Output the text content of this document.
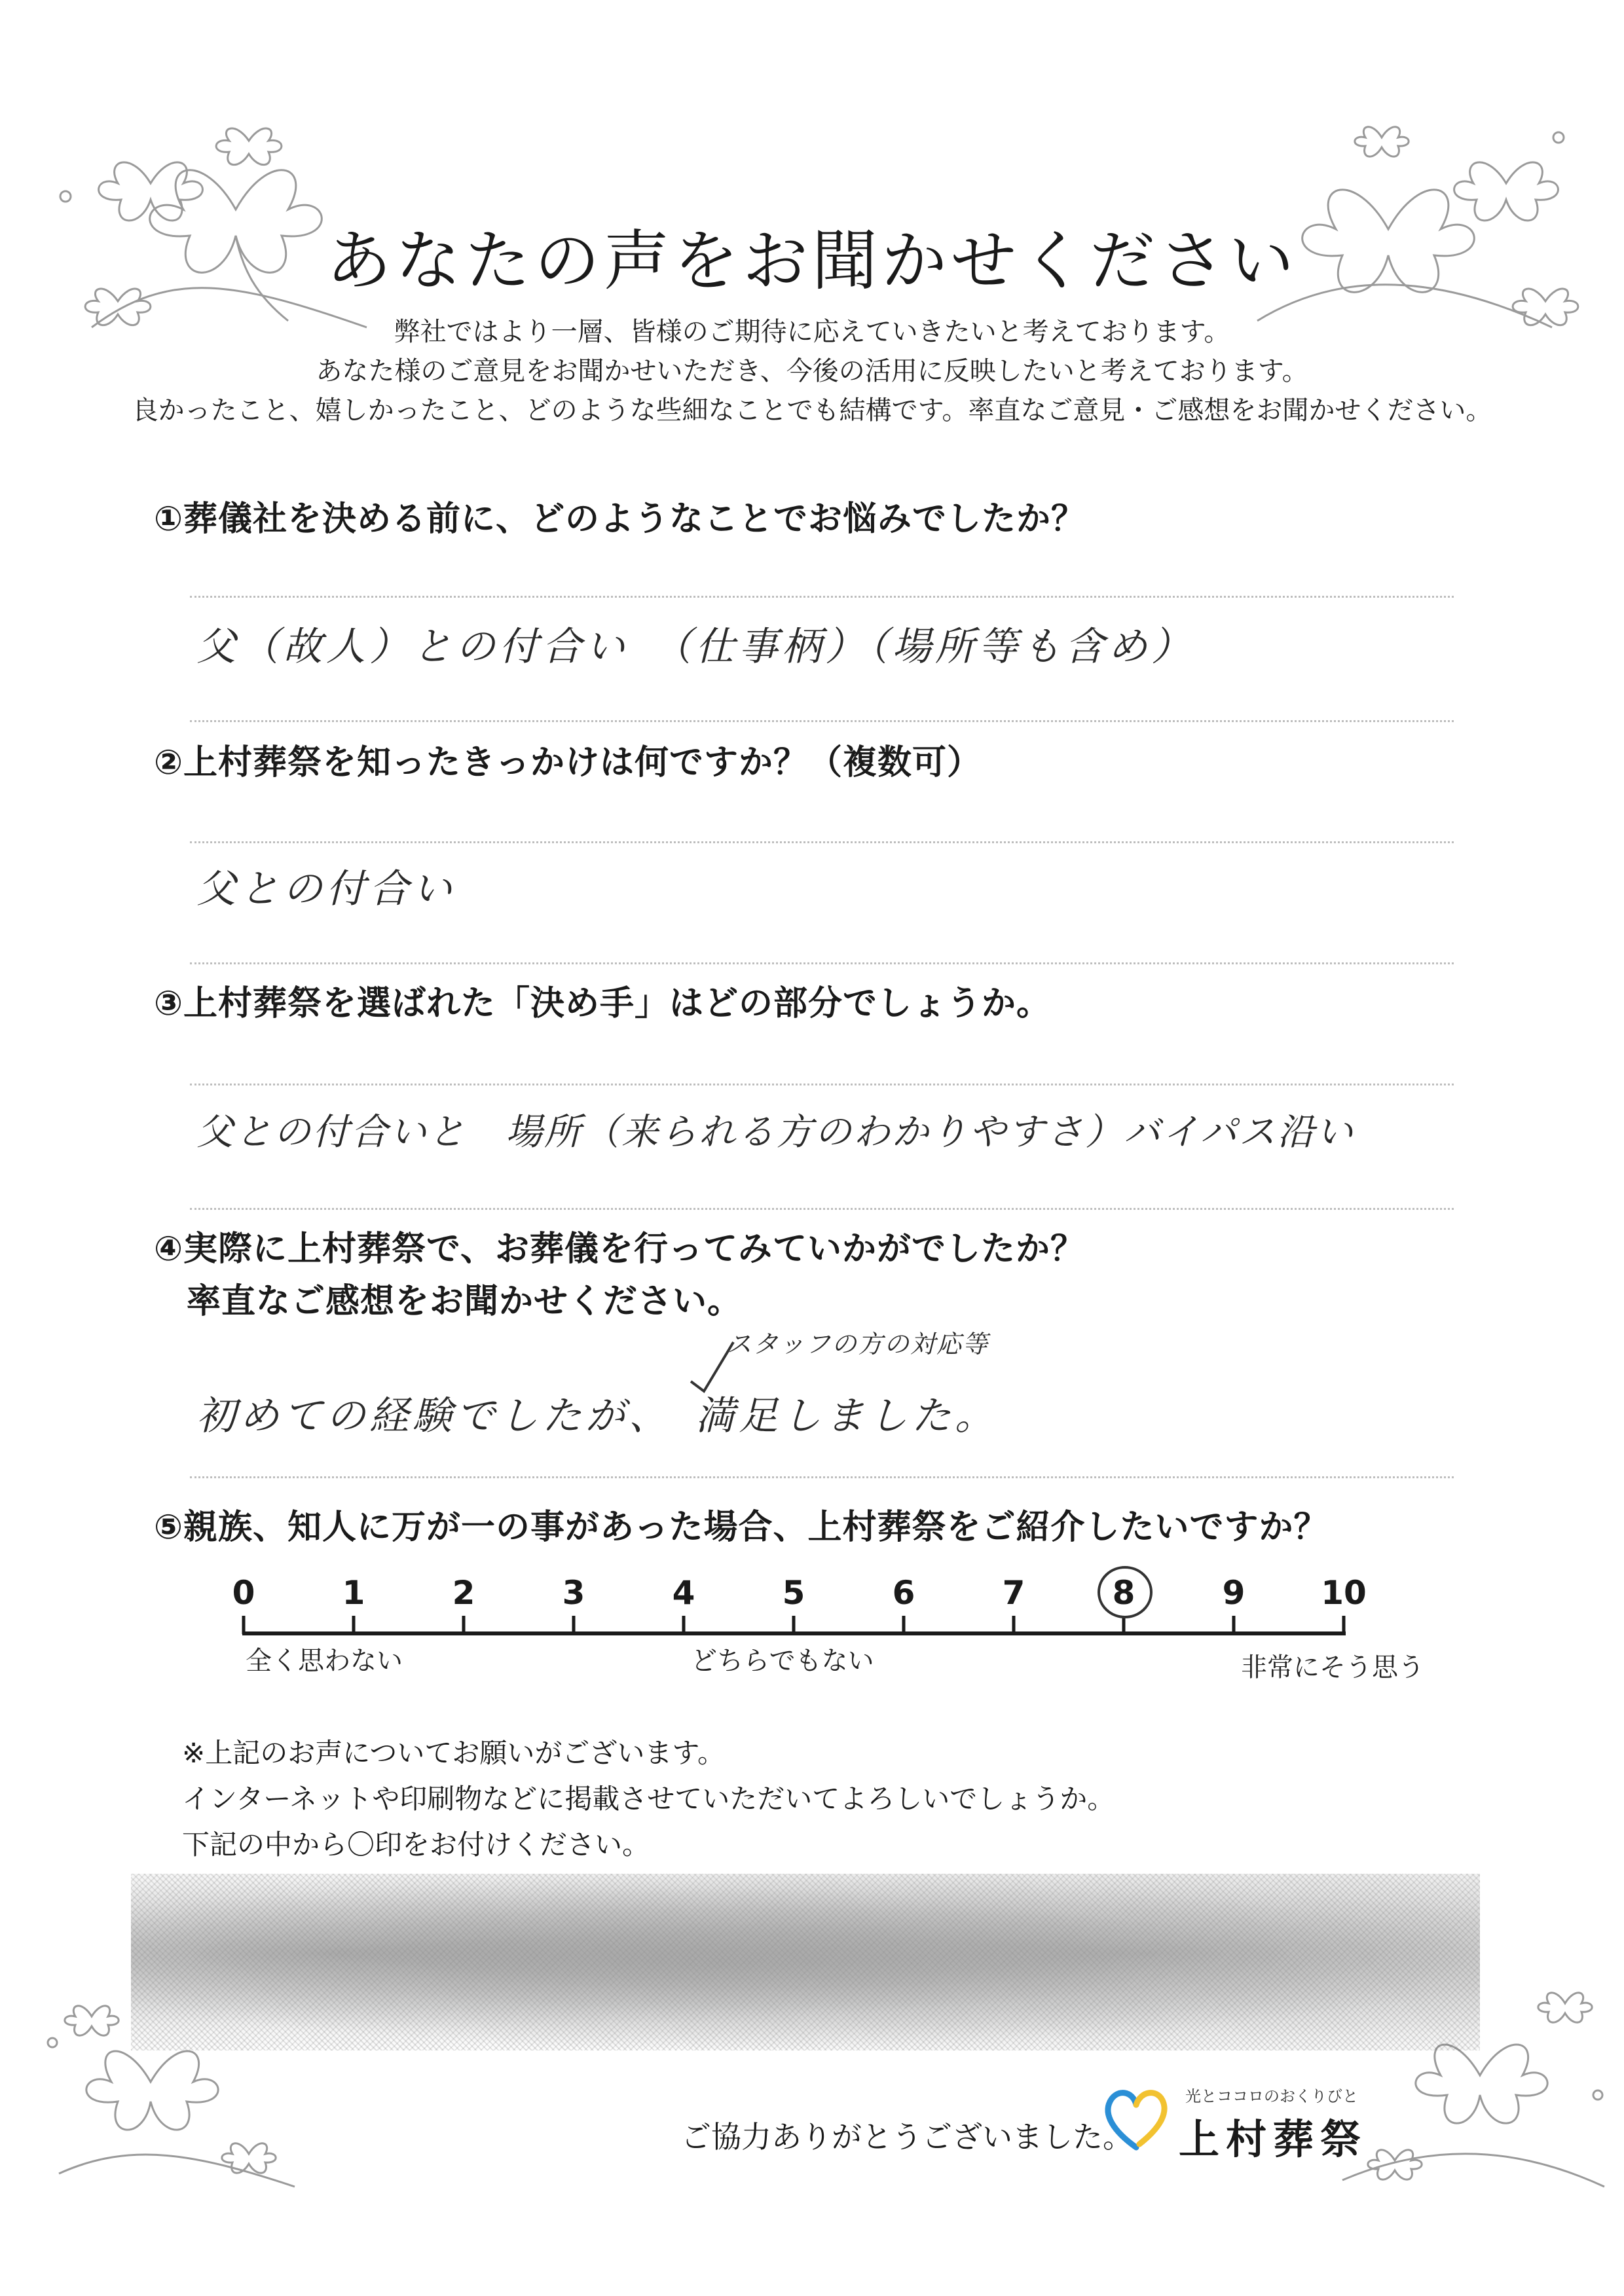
あなたの声をお聞かせください
弊社ではより一層、皆様のご期待に応えていきたいと考えております。
あなた様のご意見をお聞かせいただき、今後の活用に反映したいと考えております。
良かったこと、嬉しかったこと、どのような些細なことでも結構です。率直なご意見・ご感想をお聞かせください。
①葬儀社を決める前に、どのようなことでお悩みでしたか？
父（故人）との付合い　（仕事柄）（場所等も含め）
②上村葬祭を知ったきっかけは何ですか？（複数可）
父との付合い
③上村葬祭を選ばれた「決め手」はどの部分でしょうか。
父との付合いと　場所（来られる方のわかりやすさ）バイパス沿い
④実際に上村葬祭で、お葬儀を行ってみていかがでしたか？
率直なご感想をお聞かせください。
スタッフの方の対応等
初めての経験でしたが、　満足しました。
⑤親族、知人に万が一の事があった場合、上村葬祭をご紹介したいですか？
0	1	2	3	4	5	6	7	8	9 10
全く思わない	どちらでもない	非常にそう思う
※上記のお声についてお願いがございます。
インターネットや印刷物などに掲載させていただいてよろしいでしょうか。
下記の中から〇印をお付けください。
ご協力ありがとうございました。
光とココロのおくりびと
上村葬祭
